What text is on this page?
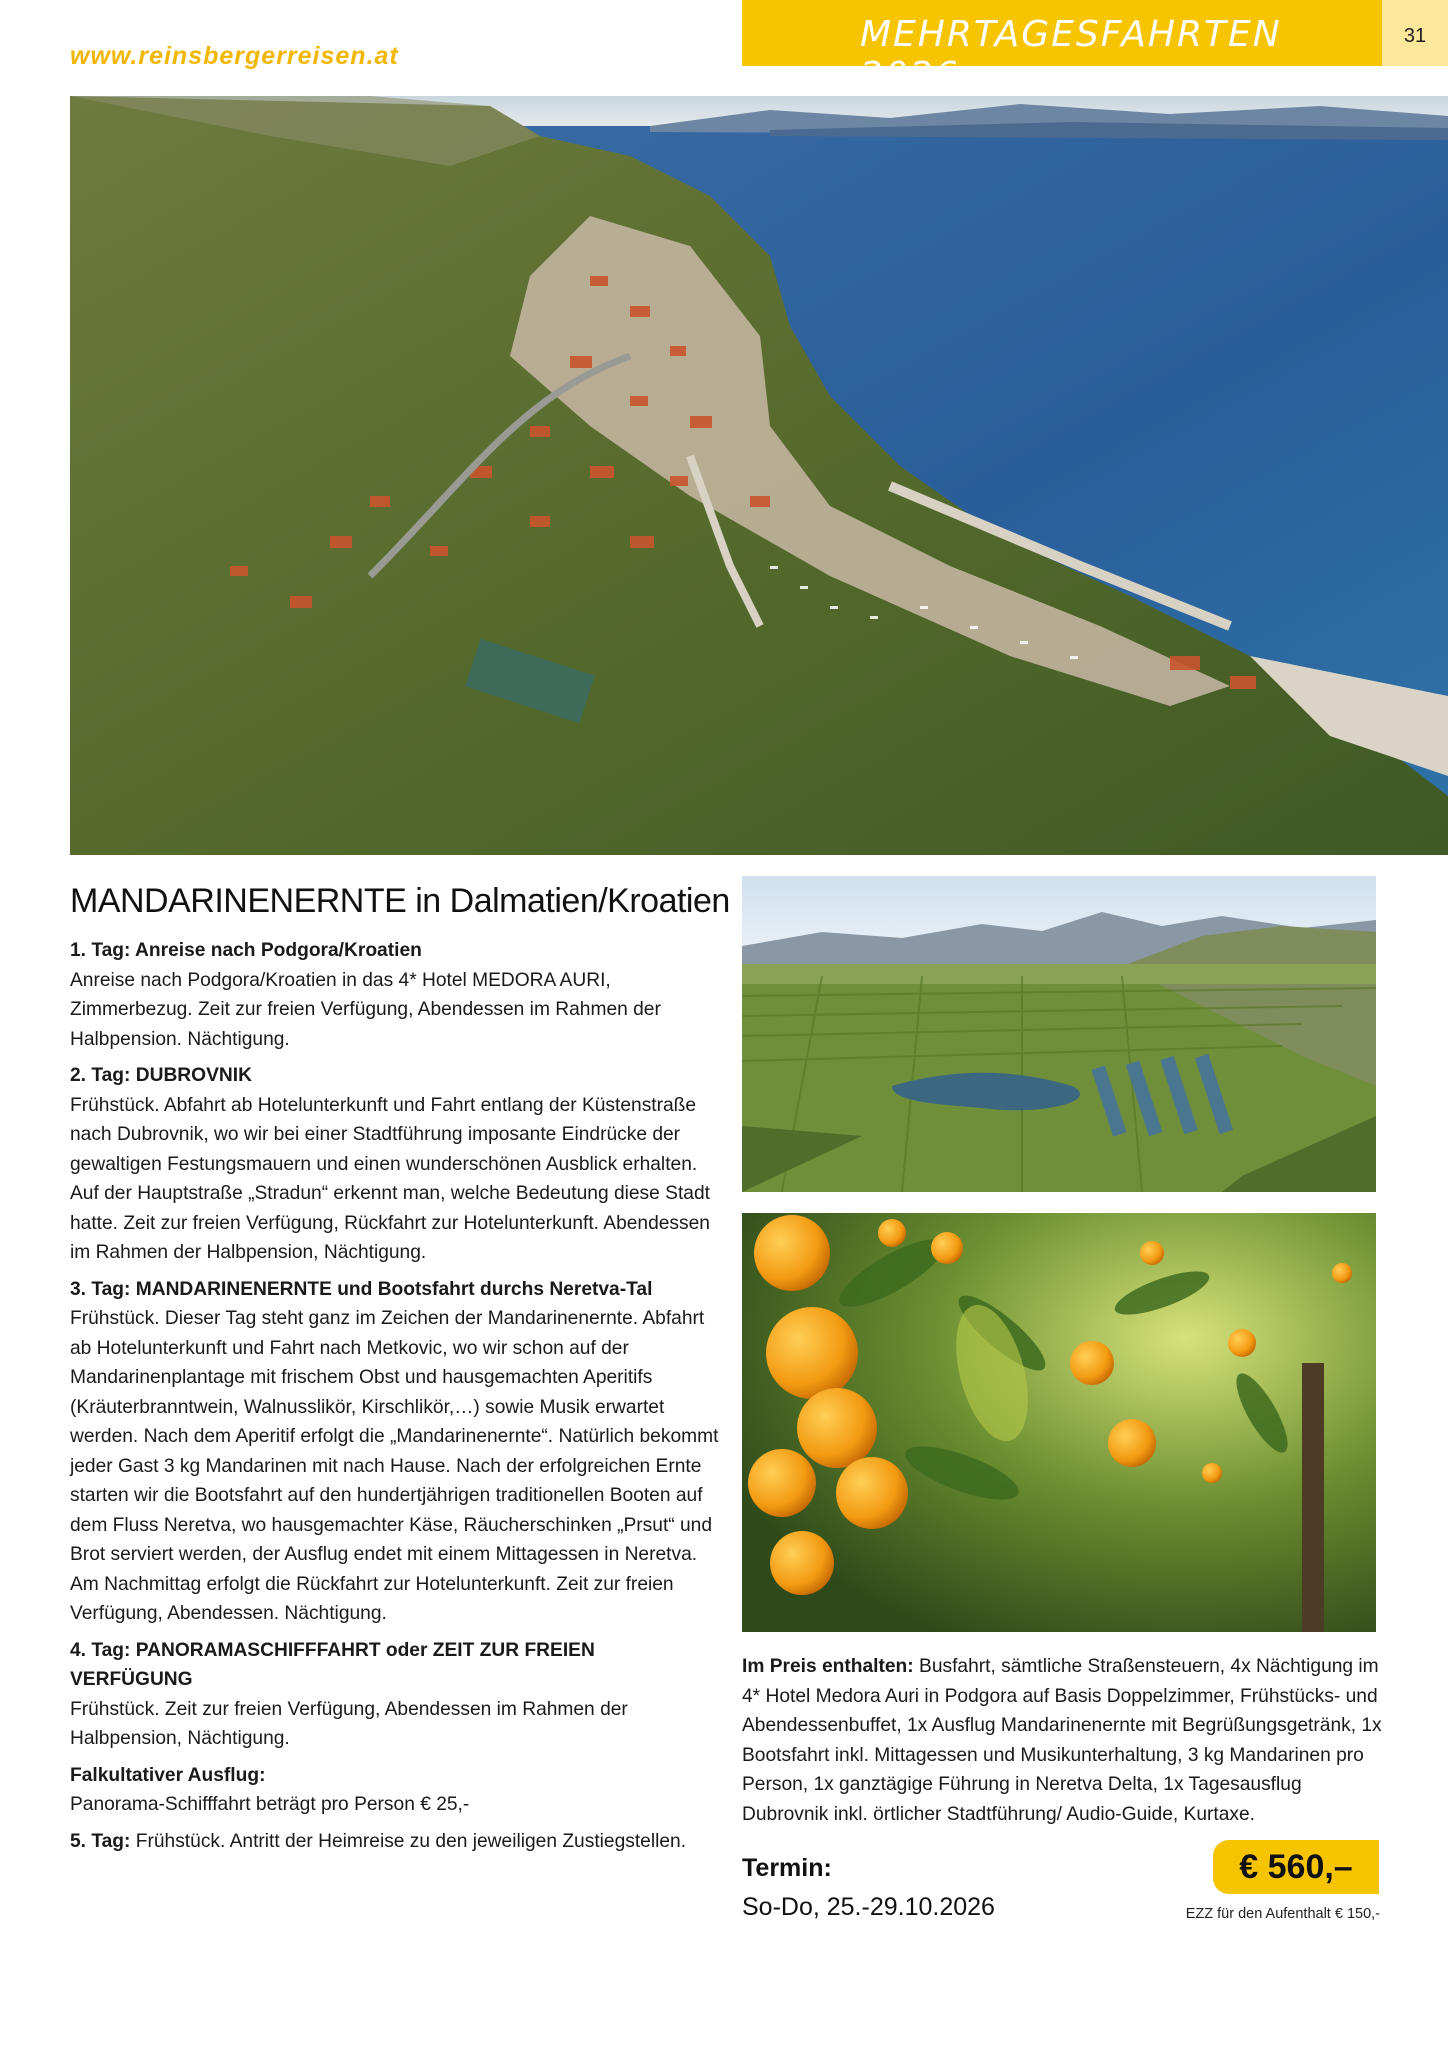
www.reinsbergerreisen.at
MEHRTAGESFAHRTEN 2026
31
MANDARINENERNTE in Dalmatien/Kroatien
1. Tag: Anreise nach Podgora/Kroatien
Anreise nach Podgora/Kroatien in das 4* Hotel MEDORA AURI, Zimmerbezug. Zeit zur freien Verfügung, Abendessen im Rahmen der Halbpension. Nächtigung.
2. Tag: DUBROVNIK
Frühstück. Abfahrt ab Hotelunterkunft und Fahrt entlang der Küstenstraße nach Dubrovnik, wo wir bei einer Stadtführung imposante Eindrücke der gewaltigen Festungsmauern und einen wunderschönen Ausblick erhalten. Auf der Hauptstraße „Stradun“ erkennt man, welche Bedeutung diese Stadt hatte. Zeit zur freien Verfügung, Rückfahrt zur Hotelunterkunft. Abendessen im Rahmen der Halbpension, Nächtigung.
3. Tag: MANDARINENERNTE und Bootsfahrt durchs Neretva-Tal
Frühstück. Dieser Tag steht ganz im Zeichen der Mandarinenernte. Abfahrt ab Hotelunterkunft und Fahrt nach Metkovic, wo wir schon auf der Mandarinenplantage mit frischem Obst und hausgemachten Aperitifs (Kräuterbranntwein, Walnusslikör, Kirschlikör,…) sowie Musik erwartet werden. Nach dem Aperitif erfolgt die „Mandarinenernte“. Natürlich bekommt jeder Gast 3 kg Mandarinen mit nach Hause. Nach der erfolgreichen Ernte starten wir die Bootsfahrt auf den hundertjährigen traditionellen Booten auf dem Fluss Neretva, wo hausgemachter Käse, Räucherschinken „Prsut“ und Brot serviert werden, der Ausflug endet mit einem Mittagessen in Neretva. Am Nachmittag erfolgt die Rückfahrt zur Hotelunterkunft. Zeit zur freien Verfügung, Abendessen. Nächtigung.
4. Tag: PANORAMASCHIFFFAHRT oder ZEIT ZUR FREIEN VERFÜGUNG
Frühstück. Zeit zur freien Verfügung, Abendessen im Rahmen der Halbpension, Nächtigung.
Falkultativer Ausflug:
Panorama-Schifffahrt beträgt pro Person € 25,-
5. Tag: Frühstück. Antritt der Heimreise zu den jeweiligen Zustiegstellen.
Im Preis enthalten: Busfahrt, sämtliche Straßensteuern, 4x Nächtigung im 4* Hotel Medora Auri in Podgora auf Basis Doppelzimmer, Frühstücks- und Abendessenbuffet, 1x Ausflug Mandarinenernte mit Begrüßungsgetränk, 1x Bootsfahrt inkl. Mittagessen und Musikunterhaltung, 3 kg Mandarinen pro Person, 1x ganztägige Führung in Neretva Delta, 1x Tagesausflug Dubrovnik inkl. örtlicher Stadtführung/ Audio-Guide, Kurtaxe.
Termin:
So-Do, 25.-29.10.2026
€ 560,–
EZZ für den Aufenthalt € 150,-
